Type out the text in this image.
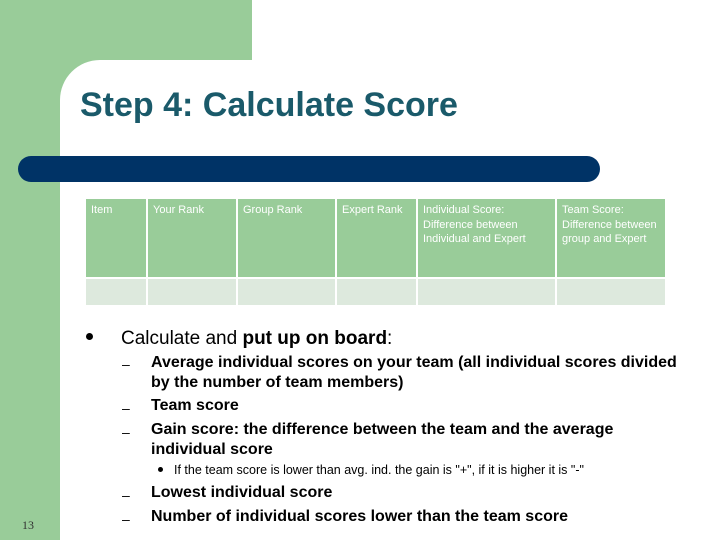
Step 4: Calculate Score
Item	Your Rank	Group Rank	Expert Rank	Individual Score: Difference between Individual and Expert	Team Score: Difference between group and Expert

Calculate and put up on board:
– Average individual scores on your team (all individual scores divided
by the number of team members)
– Team score
– Gain score: the difference between the team and the average
individual score
If the team score is lower than avg. ind. the gain is "+", if it is higher it is "-"
– Lowest individual score
– Number of individual scores lower than the team score
13
